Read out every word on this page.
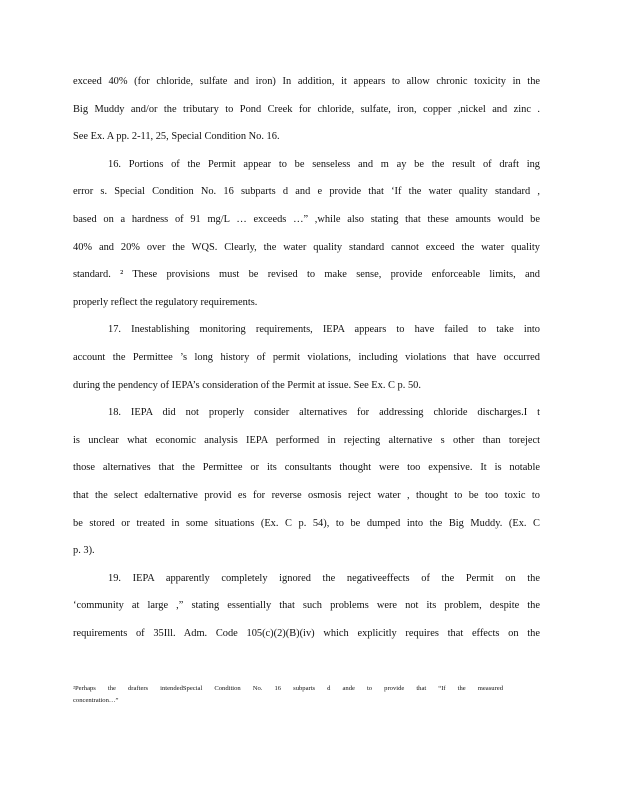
exceed 40% (for chloride, sulfate and iron) In addition, it appears to allow chronic toxicity in the
Big Muddy and/or the tributary to Pond Creek for chloride, sulfate, iron, copper ,nickel and zinc .
See Ex. A pp. 2-11, 25, Special Condition No. 16.
16. Portions of the Permit appear to be senseless and m ay be the result of draft ing
error s. Special Condition No. 16 subparts d and e provide that ‘If the water quality standard ,
based on a hardness of 91 mg/L … exceeds …” ,while also stating that these amounts would be
40% and 20% over the WQS. Clearly, the water quality standard cannot exceed the water quality
standard. ² These provisions must be revised to make sense, provide enforceable limits, and
properly reflect the regulatory requirements.
17. Inestablishing monitoring requirements, IEPA appears to have failed to take into
account the Permittee ’s long history of permit violations, including violations that have occurred
during the pendency of IEPA’s consideration of the Permit at issue. See Ex. C p. 50.
18. IEPA did not properly consider alternatives for addressing chloride discharges.I t
is unclear what economic analysis IEPA performed in rejecting alternative s other than toreject
those alternatives that the Permittee or its consultants thought were too expensive. It is notable
that the select edalternative provid es for reverse osmosis reject water , thought to be too toxic to
be stored or treated in some situations (Ex. C p. 54), to be dumped into the Big Muddy. (Ex. C
p. 3).
19. IEPA apparently completely ignored the negativeeffects of the Permit on the
‘community at large ,” stating essentially that such problems were not its problem, despite the
requirements of 35Ill. Adm. Code 105(c)(2)(B)(iv) which explicitly requires that effects on the
²Perhaps the drafters intendedSpecial Condition No. 16 subparts d ande to provide that “If the measured
concentration…”
